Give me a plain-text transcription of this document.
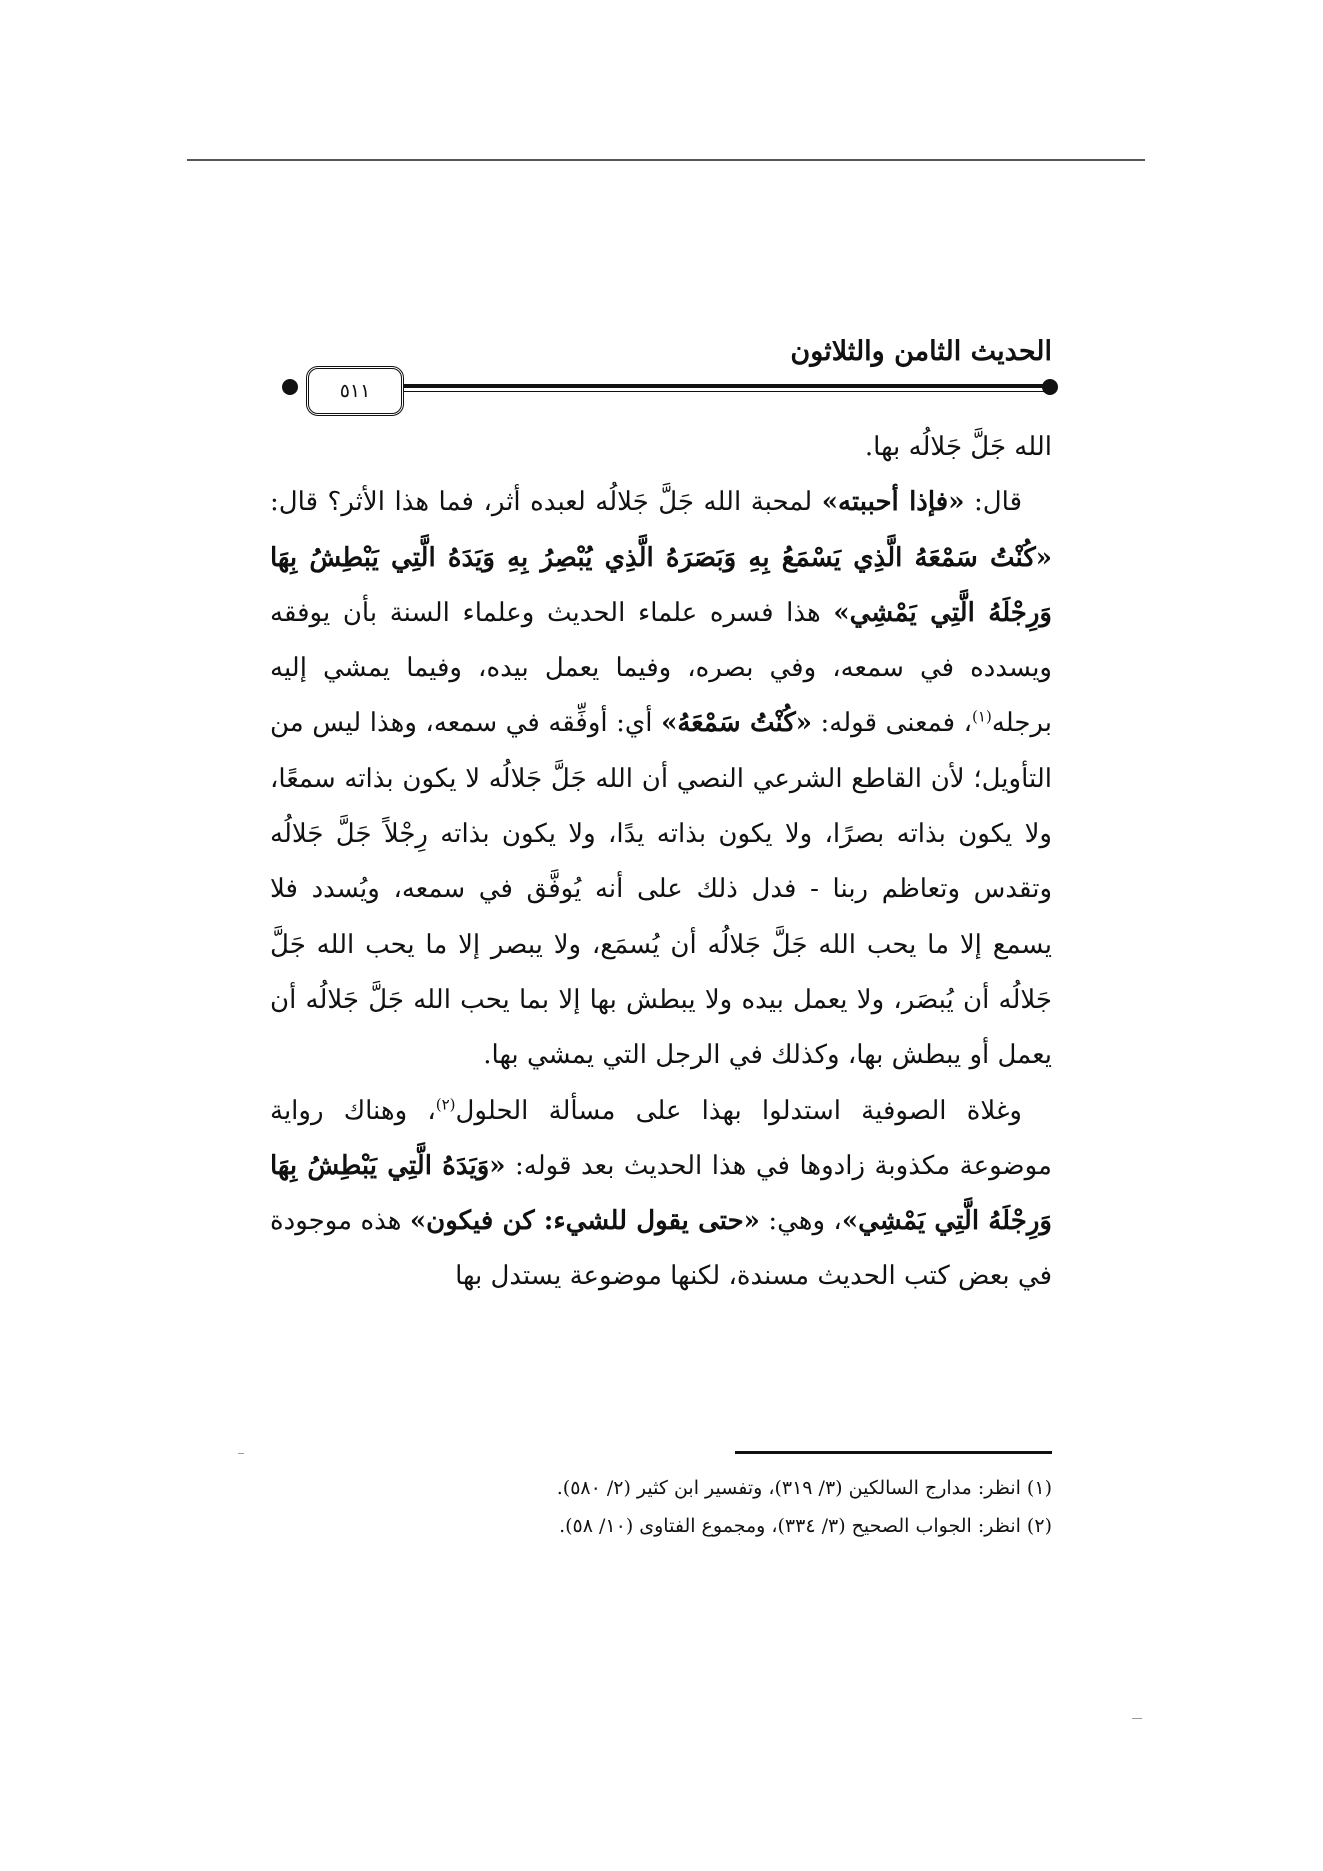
٥١١
الحديث الثامن والثلاثون

الله جَلَّ جَلالُه بها.

قال: «فإذا أحببته» لمحبة الله جَلَّ جَلالُه لعبده أثر، فما هذا الأثر؟ قال: «كُنْتُ سَمْعَهُ الَّذِي يَسْمَعُ بِهِ وَبَصَرَهُ الَّذِي يُبْصِرُ بِهِ وَيَدَهُ الَّتِي يَبْطِشُ بِهَا وَرِجْلَهُ الَّتِي يَمْشِي» هذا فسره علماء الحديث وعلماء السنة بأن يوفقه ويسدده في سمعه، وفي بصره، وفيما يعمل بيده، وفيما يمشي إليه برجله$^{(١)}$، فمعنى قوله: «كُنْتُ سَمْعَهُ» أي: أوفِّقه في سمعه، وهذا ليس من التأويل؛ لأن القاطع الشرعي النصي أن الله جَلَّ جَلالُه لا يكون بذاته سمعًا، ولا يكون بذاته بصرًا، ولا يكون بذاته يدًا، ولا يكون بذاته رِجْلاً جَلَّ جَلالُه وتقدس وتعاظم ربنا - فدل ذلك على أنه يُوفَّق في سمعه، ويُسدد فلا يسمع إلا ما يحب الله جَلَّ جَلالُه أن يُسمَع، ولا يبصر إلا ما يحب الله جَلَّ جَلالُه أن يُبصَر، ولا يعمل بيده ولا يبطش بها إلا بما يحب الله جَلَّ جَلالُه أن يعمل أو يبطش بها، وكذلك في الرجل التي يمشي بها.

وغلاة الصوفية استدلوا بهذا على مسألة الحلول$^{(٢)}$، وهناك رواية موضوعة مكذوبة زادوها في هذا الحديث بعد قوله: «وَيَدَهُ الَّتِي يَبْطِشُ بِهَا وَرِجْلَهُ الَّتِي يَمْشِي»، وهي: «حتى يقول للشيء: كن فيكون» هذه موجودة في بعض كتب الحديث مسندة، لكنها موضوعة يستدل بها

(١) انظر: مدارج السالكين (٣/ ٣١٩)، وتفسير ابن كثير (٢/ ٥٨٠).
(٢) انظر: الجواب الصحيح (٣/ ٣٣٤)، ومجموع الفتاوى (١٠/ ٥٨).
